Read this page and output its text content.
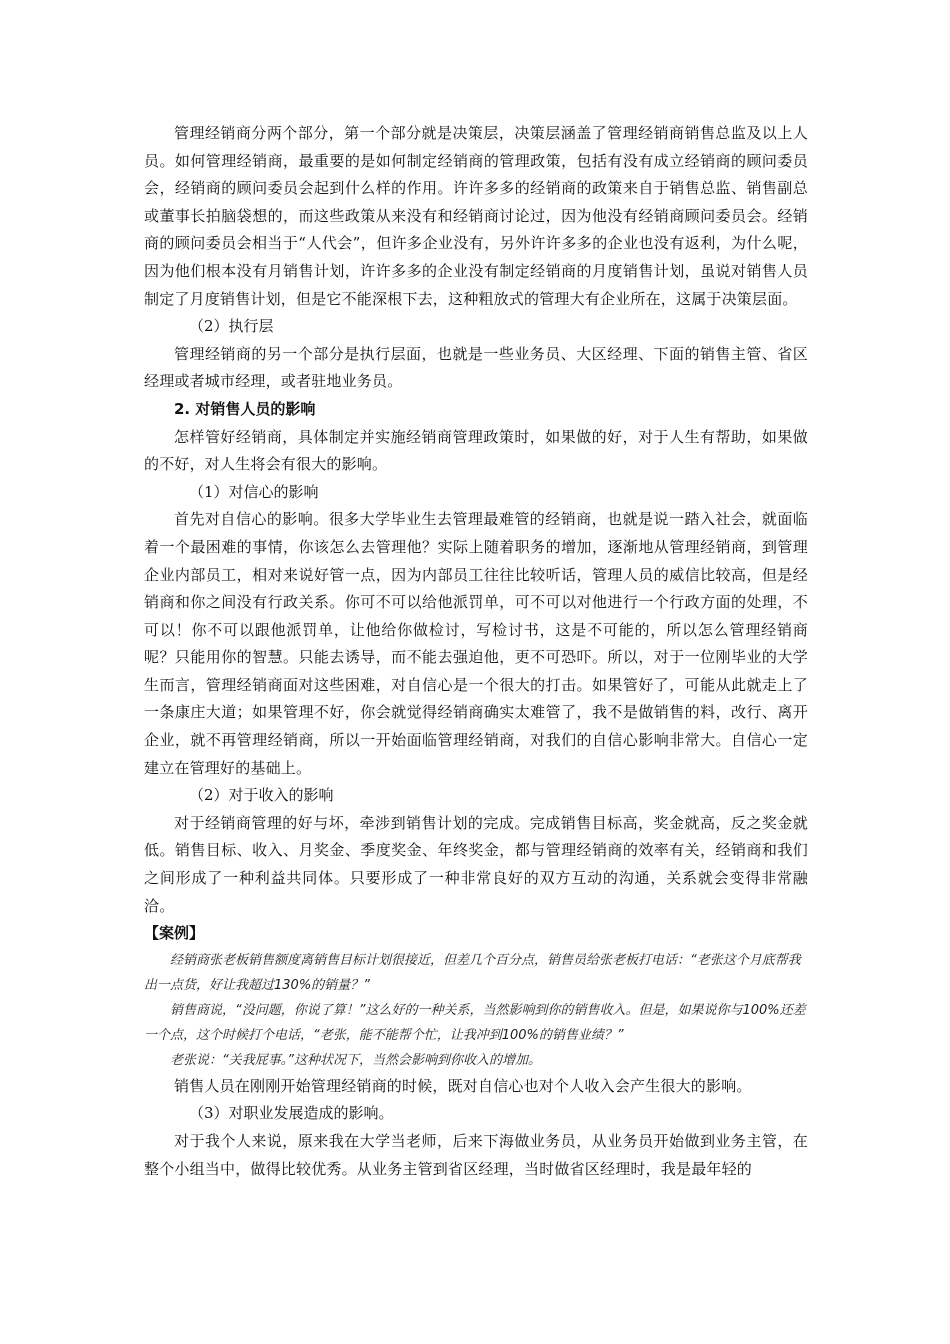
管理经销商分两个部分，第一个部分就是决策层，决策层涵盖了管理经销商销售总监及以上人员。如何管理经销商，最重要的是如何制定经销商的管理政策，包括有没有成立经销商的顾问委员会，经销商的顾问委员会起到什么样的作用。许许多多的经销商的政策来自于销售总监、销售副总或董事长拍脑袋想的，而这些政策从来没有和经销商讨论过，因为他没有经销商顾问委员会。经销商的顾问委员会相当于“人代会”，但许多企业没有，另外许许多多的企业也没有返利，为什么呢，因为他们根本没有月销售计划，许许多多的企业没有制定经销商的月度销售计划，虽说对销售人员制定了月度销售计划，但是它不能深根下去，这种粗放式的管理大有企业所在，这属于决策层面。

（2）执行层

管理经销商的另一个部分是执行层面，也就是一些业务员、大区经理、下面的销售主管、省区经理或者城市经理，或者驻地业务员。

2. 对销售人员的影响

怎样管好经销商，具体制定并实施经销商管理政策时，如果做的好，对于人生有帮助，如果做的不好，对人生将会有很大的影响。

（1）对信心的影响

首先对自信心的影响。很多大学毕业生去管理最难管的经销商，也就是说一踏入社会，就面临着一个最困难的事情，你该怎么去管理他？实际上随着职务的增加，逐渐地从管理经销商，到管理企业内部员工，相对来说好管一点，因为内部员工往往比较听话，管理人员的威信比较高，但是经销商和你之间没有行政关系。你可不可以给他派罚单，可不可以对他进行一个行政方面的处理，不可以！你不可以跟他派罚单，让他给你做检讨，写检讨书，这是不可能的，所以怎么管理经销商呢？只能用你的智慧。只能去诱导，而不能去强迫他，更不可恐吓。所以，对于一位刚毕业的大学生而言，管理经销商面对这些困难，对自信心是一个很大的打击。如果管好了，可能从此就走上了一条康庄大道；如果管理不好，你会就觉得经销商确实太难管了，我不是做销售的料，改行、离开企业，就不再管理经销商，所以一开始面临管理经销商，对我们的自信心影响非常大。自信心一定建立在管理好的基础上。

（2）对于收入的影响

对于经销商管理的好与坏，牵涉到销售计划的完成。完成销售目标高，奖金就高，反之奖金就低。销售目标、收入、月奖金、季度奖金、年终奖金，都与管理经销商的效率有关，经销商和我们之间形成了一种利益共同体。只要形成了一种非常良好的双方互动的沟通，关系就会变得非常融洽。

【案例】

经销商张老板销售额度离销售目标计划很接近，但差几个百分点，销售员给张老板打电话：“老张这个月底帮我出一点货，好让我超过130%的销量？”

销售商说，“没问题，你说了算！”这么好的一种关系，当然影响到你的销售收入。但是，如果说你与100%还差一个点，这个时候打个电话，“老张，能不能帮个忙，让我冲到100%的销售业绩？”

老张说：“关我屁事。”这种状况下，当然会影响到你收入的增加。

销售人员在刚刚开始管理经销商的时候，既对自信心也对个人收入会产生很大的影响。

（3）对职业发展造成的影响。

对于我个人来说，原来我在大学当老师，后来下海做业务员，从业务员开始做到业务主管，在整个小组当中，做得比较优秀。从业务主管到省区经理，当时做省区经理时，我是最年轻的
